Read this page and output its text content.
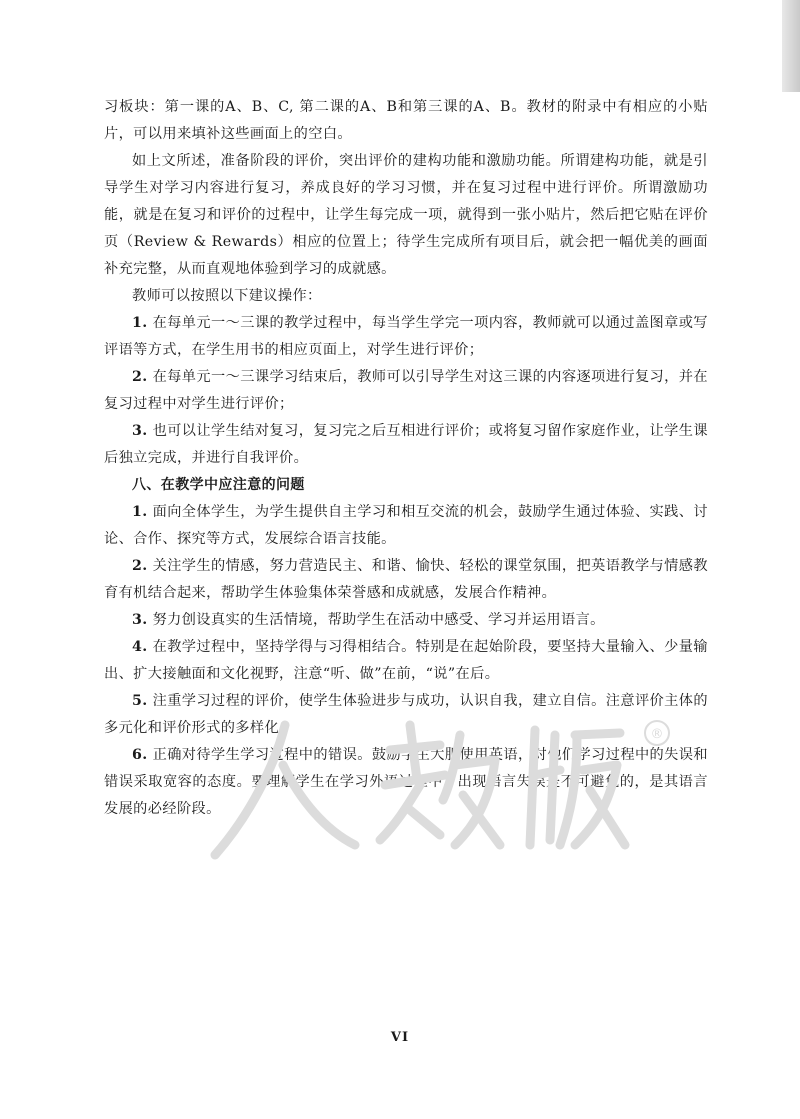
习板块：第一课的A、B、C, 第二课的A、B和第三课的A、B。教材的附录中有相应的小贴片，可以用来填补这些画面上的空白。

如上文所述，准备阶段的评价，突出评价的建构功能和激励功能。所谓建构功能，就是引导学生对学习内容进行复习，养成良好的学习习惯，并在复习过程中进行评价。所谓激励功能，就是在复习和评价的过程中，让学生每完成一项，就得到一张小贴片，然后把它贴在评价页（Review & Rewards）相应的位置上；待学生完成所有项目后，就会把一幅优美的画面补充完整，从而直观地体验到学习的成就感。

教师可以按照以下建议操作：

1. 在每单元一～三课的教学过程中，每当学生学完一项内容，教师就可以通过盖图章或写评语等方式，在学生用书的相应页面上，对学生进行评价；

2. 在每单元一～三课学习结束后，教师可以引导学生对这三课的内容逐项进行复习，并在复习过程中对学生进行评价；

3. 也可以让学生结对复习，复习完之后互相进行评价；或将复习留作家庭作业，让学生课后独立完成，并进行自我评价。

八、在教学中应注意的问题

1. 面向全体学生，为学生提供自主学习和相互交流的机会，鼓励学生通过体验、实践、讨论、合作、探究等方式，发展综合语言技能。

2. 关注学生的情感，努力营造民主、和谐、愉快、轻松的课堂氛围，把英语教学与情感教育有机结合起来，帮助学生体验集体荣誉感和成就感，发展合作精神。

3. 努力创设真实的生活情境，帮助学生在活动中感受、学习并运用语言。

4. 在教学过程中，坚持学得与习得相结合。特别是在起始阶段，要坚持大量输入、少量输出、扩大接触面和文化视野，注意“听、做”在前，“说”在后。

5. 注重学习过程的评价，使学生体验进步与成功，认识自我，建立自信。注意评价主体的多元化和评价形式的多样化。

6. 正确对待学生学习过程中的错误。鼓励学生大胆使用英语，对他们学习过程中的失误和错误采取宽容的态度。要理解学生在学习外语过程中，出现语言失误是不可避免的，是其语言发展的必经阶段。

®
VI
